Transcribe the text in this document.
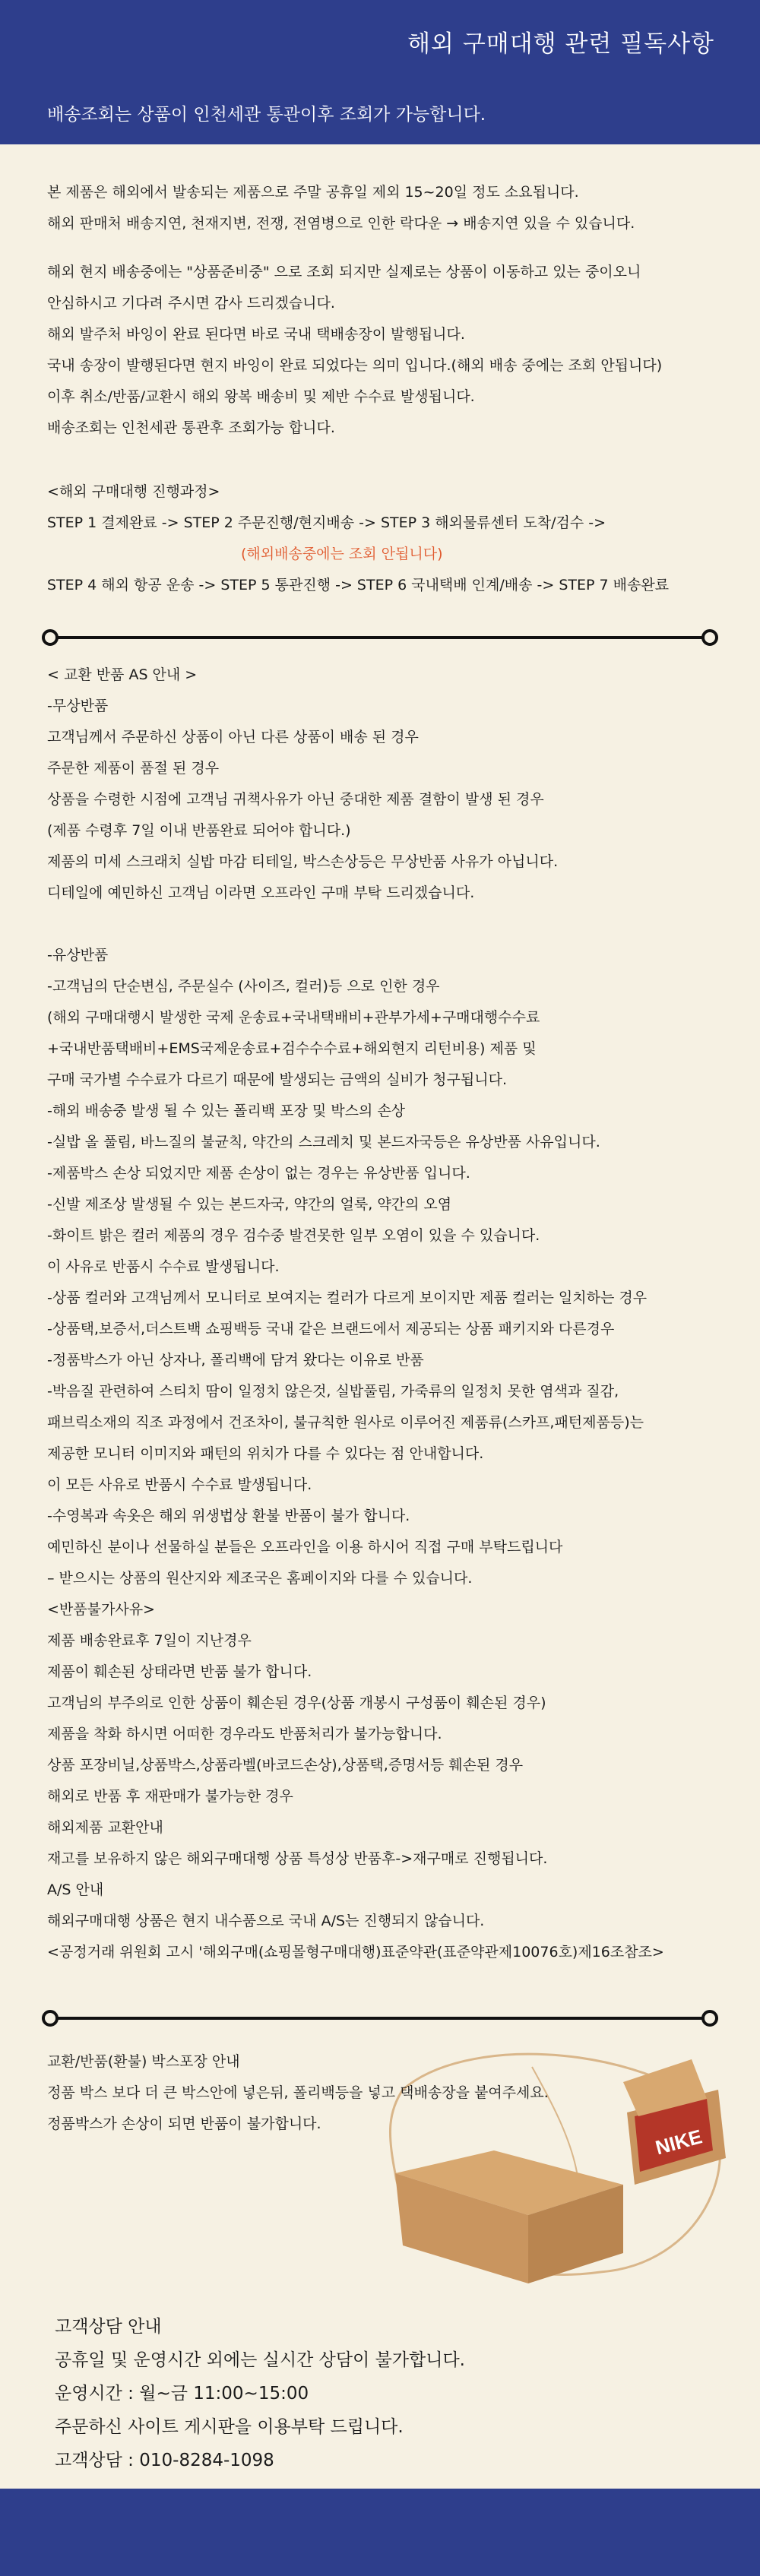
해외 구매대행 관련 필독사항
배송조회는 상품이 인천세관 통관이후 조회가 가능합니다.

본 제품은 해외에서 발송되는 제품으로 주말 공휴일 제외 15~20일 정도 소요됩니다.

해외 판매처 배송지연, 천재지변, 전쟁, 전염병으로 인한 락다운 → 배송지연 있을 수 있습니다.

해외 현지 배송중에는 "상품준비중" 으로 조회 되지만 실제로는 상품이 이동하고 있는 중이오니

안심하시고 기다려 주시면 감사 드리겠습니다.

해외 발주처 바잉이 완료 된다면 바로 국내 택배송장이 발행됩니다.

국내 송장이 발행된다면 현지 바잉이 완료 되었다는 의미 입니다.(해외 배송 중에는 조회 안됩니다)

이후 취소/반품/교환시 해외 왕복 배송비 및 제반 수수료 발생됩니다.

배송조회는 인천세관 통관후 조회가능 합니다.

<해외 구매대행 진행과정>

STEP 1 결제완료 -> STEP 2 주문진행/현지배송 -> STEP 3 해외물류센터 도착/검수 ->

(해외배송중에는 조회 안됩니다)

STEP 4 해외 항공 운송 -> STEP 5 통관진행 -> STEP 6 국내택배 인계/배송 -> STEP 7 배송완료

< 교환 반품 AS 안내 >

-무상반품

고객님께서 주문하신 상품이 아닌 다른 상품이 배송 된 경우

주문한 제품이 품절 된 경우

상품을 수령한 시점에 고객님 귀책사유가 아닌 중대한 제품 결함이 발생 된 경우

(제품 수령후 7일 이내 반품완료 되어야 합니다.)

제품의 미세 스크래치 실밥 마감 티테일, 박스손상등은 무상반품 사유가 아닙니다.

디테일에 예민하신 고객님 이라면 오프라인 구매 부탁 드리겠습니다.

-유상반품

-고객님의 단순변심, 주문실수 (사이즈, 컬러)등 으로 인한 경우

(해외 구매대행시 발생한 국제 운송료+국내택배비+관부가세+구매대행수수료

+국내반품택배비+EMS국제운송료+검수수수료+해외현지 리턴비용) 제품 및

구매 국가별 수수료가 다르기 때문에 발생되는 금액의 실비가 청구됩니다.

-해외 배송중 발생 될 수 있는 폴리백 포장 및 박스의 손상

-실밥 올 풀림, 바느질의 불균칙, 약간의 스크레치 및 본드자국등은 유상반품 사유입니다.

-제품박스 손상 되었지만 제품 손상이 없는 경우는 유상반품 입니다.

-신발 제조상 발생될 수 있는 본드자국, 약간의 얼룩, 약간의 오염

-화이트 밝은 컬러 제품의 경우 검수중 발견못한 일부 오염이 있을 수 있습니다.

이 사유로 반품시 수수료 발생됩니다.

-상품 컬러와 고객님께서 모니터로 보여지는 컬러가 다르게 보이지만 제품 컬러는 일치하는 경우

-상품택,보증서,더스트백 쇼핑백등 국내 같은 브랜드에서 제공되는 상품 패키지와 다른경우

-정품박스가 아닌 상자나, 폴리백에 담겨 왔다는 이유로 반품

-박음질 관련하여 스티치 땀이 일정치 않은것, 실밥풀림, 가죽류의 일정치 못한 염색과 질감,

패브릭소재의 직조 과정에서 건조차이, 불규칙한 원사로 이루어진 제품류(스카프,패턴제품등)는

제공한 모니터 이미지와 패턴의 위치가 다를 수 있다는 점 안내합니다.

이 모든 사유로 반품시 수수료 발생됩니다.

-수영복과 속옷은 해외 위생법상 환불 반품이 불가 합니다.

예민하신 분이나 선물하실 분들은 오프라인을 이용 하시어 직접 구매 부탁드립니다

– 받으시는 상품의 원산지와 제조국은 홈페이지와 다를 수 있습니다.

<반품불가사유>

제품 배송완료후 7일이 지난경우

제품이 훼손된 상태라면 반품 불가 합니다.

고객님의 부주의로 인한 상품이 훼손된 경우(상품 개봉시 구성품이 훼손된 경우)

제품을 착화 하시면 어떠한 경우라도 반품처리가 불가능합니다.

상품 포장비닐,상품박스,상품라벨(바코드손상),상품택,증명서등 훼손된 경우

해외로 반품 후 재판매가 불가능한 경우

해외제품 교환안내

재고를 보유하지 않은 해외구매대행 상품 특성상 반품후->재구매로 진행됩니다.

A/S 안내

해외구매대행 상품은 현지 내수품으로 국내 A/S는 진행되지 않습니다.

<공정거래 위원회 고시 '해외구매(쇼핑몰형구매대행)표준약관(표준약관제10076호)제16조참조>

NIKE

교환/반품(환불) 박스포장 안내

정품 박스 보다 더 큰 박스안에 넣은뒤, 폴리백등을 넣고 택배송장을 붙여주세요.

정품박스가 손상이 되면 반품이 불가합니다.

고객상담 안내

공휴일 및 운영시간 외에는 실시간 상담이 불가합니다.

운영시간 : 월~금 11:00~15:00

주문하신 사이트 게시판을 이용부탁 드립니다.

고객상담 : 010-8284-1098
